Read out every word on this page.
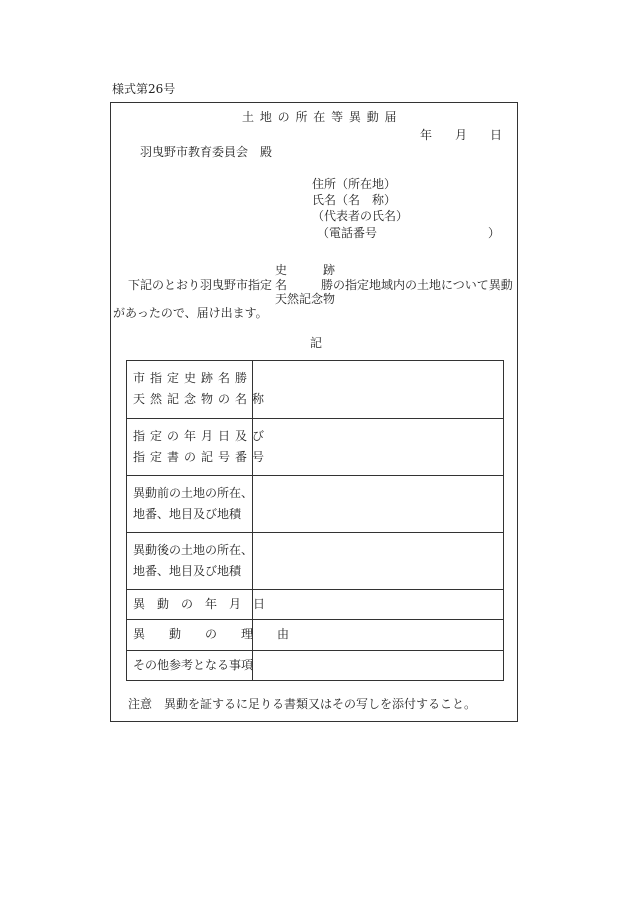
様式第26号
土 地 の 所 在 等 異 動 届
年 月 日
羽曳野市教育委員会　殿
住所（所在地）
氏名（名　称）
（代表者の氏名）
（電話番号	）
史　　　跡
下記のとおり羽曳野市指定 名　　　
勝の指定地域内の土地について異動
天然記念物
があったので、届け出ます。
記
市指定史跡名勝
天然記念物の名称
指定の年月日及び
指定書の記号番号
異動前の土地の所在、
地番、地目及び地積
異動後の土地の所在、
地番、地目及び地積
異　動　の　年　月　日
異　　動　　の　　理　　由
その他参考となる事項
注意　異動を証するに足りる書類又はその写しを添付すること。
